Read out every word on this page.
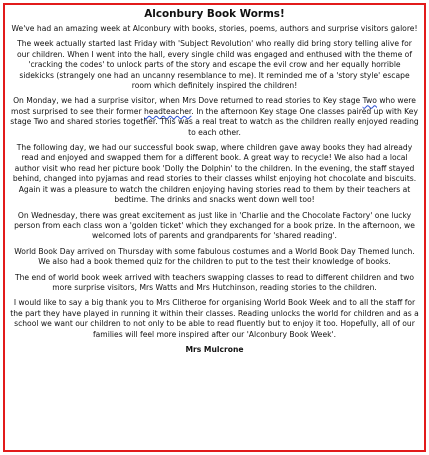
Alconbury Book Worms!

We've had an amazing week at Alconbury with books, stories, poems, authors and surprise visitors galore!

The week actually started last Friday with 'Subject Revolution' who really did bring story telling alive for our children. When I went into the hall, every single child was engaged and enthused with the theme of 'cracking the codes' to unlock parts of the story and escape the evil crow and her equally horrible sidekicks (strangely one had an uncanny resemblance to me). It reminded me of a 'story style' escape room which definitely inspired the children!

On Monday, we had a surprise visitor, when Mrs Dove returned to read stories to Key stage Two who were most surprised to see their former headteacher. In the afternoon Key stage One classes paired up with Key stage Two and shared stories together. This was a real treat to watch as the children really enjoyed reading to each other.

The following day, we had our successful book swap, where children gave away books they had already read and enjoyed and swapped them for a different book. A great way to recycle! We also had a local author visit who read her picture book 'Dolly the Dolphin' to the children. In the evening, the staff stayed behind, changed into pyjamas and read stories to their classes whilst enjoying hot chocolate and biscuits. Again it was a pleasure to watch the children enjoying having stories read to them by their teachers at bedtime. The drinks and snacks went down well too!

On Wednesday, there was great excitement as just like in 'Charlie and the Chocolate Factory' one lucky person from each class won a 'golden ticket' which they exchanged for a book prize. In the afternoon, we welcomed lots of parents and grandparents for 'shared reading'.

World Book Day arrived on Thursday with some fabulous costumes and a World Book Day Themed lunch. We also had a book themed quiz for the children to put to the test their knowledge of books.

The end of world book week arrived with teachers swapping classes to read to different children and two more surprise visitors, Mrs Watts and Mrs Hutchinson, reading stories to the children.

I would like to say a big thank you to Mrs Clitheroe for organising World Book Week and to all the staff for the part they have played in running it within their classes. Reading unlocks the world for children and as a school we want our children to not only to be able to read fluently but to enjoy it too. Hopefully, all of our families will feel more inspired after our 'Alconbury Book Week'.

Mrs Mulcrone
